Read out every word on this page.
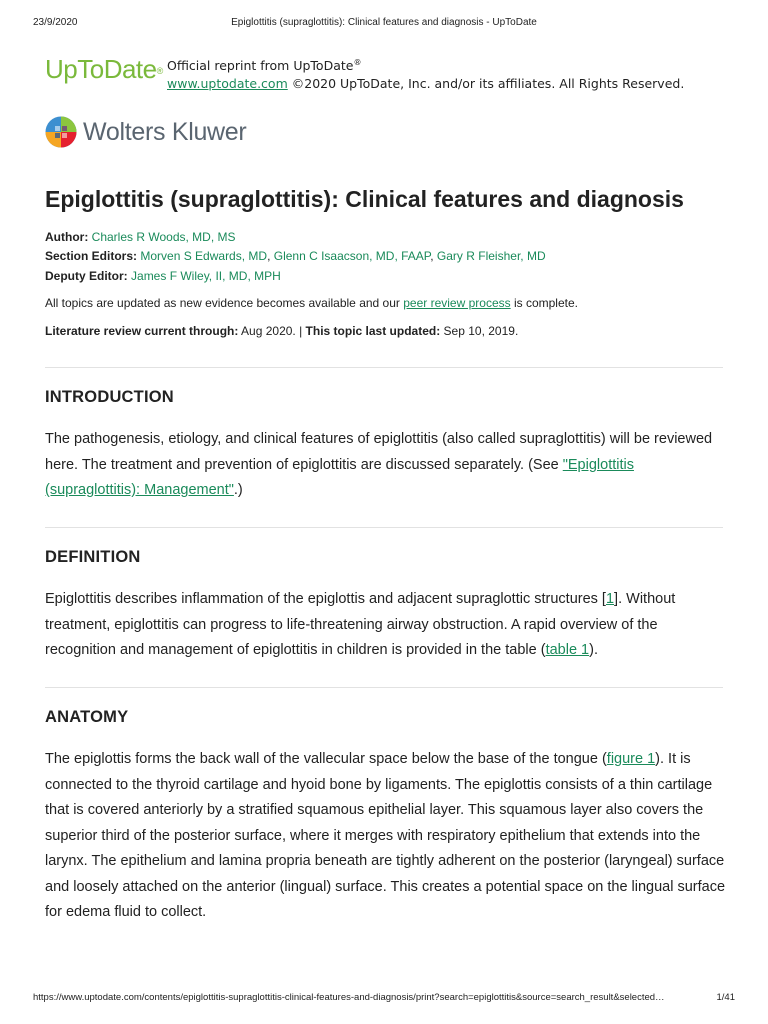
23/9/2020	Epiglottitis (supraglottitis): Clinical features and diagnosis - UpToDate
UpToDate® Official reprint from UpToDate®
www.uptodate.com ©2020 UpToDate, Inc. and/or its affiliates. All Rights Reserved.
Wolters Kluwer
Epiglottitis (supraglottitis): Clinical features and diagnosis
Author: Charles R Woods, MD, MS
Section Editors: Morven S Edwards, MD, Glenn C Isaacson, MD, FAAP, Gary R Fleisher, MD
Deputy Editor: James F Wiley, II, MD, MPH
All topics are updated as new evidence becomes available and our peer review process is complete.
Literature review current through: Aug 2020. | This topic last updated: Sep 10, 2019.
INTRODUCTION
The pathogenesis, etiology, and clinical features of epiglottitis (also called supraglottitis) will be reviewed here. The treatment and prevention of epiglottitis are discussed separately. (See "Epiglottitis (supraglottitis): Management".)
DEFINITION
Epiglottitis describes inflammation of the epiglottis and adjacent supraglottic structures [1]. Without treatment, epiglottitis can progress to life-threatening airway obstruction. A rapid overview of the recognition and management of epiglottitis in children is provided in the table (table 1).
ANATOMY
The epiglottis forms the back wall of the vallecular space below the base of the tongue (figure 1). It is connected to the thyroid cartilage and hyoid bone by ligaments. The epiglottis consists of a thin cartilage that is covered anteriorly by a stratified squamous epithelial layer. This squamous layer also covers the superior third of the posterior surface, where it merges with respiratory epithelium that extends into the larynx. The epithelium and lamina propria beneath are tightly adherent on the posterior (laryngeal) surface and loosely attached on the anterior (lingual) surface. This creates a potential space on the lingual surface for edema fluid to collect.
https://www.uptodate.com/contents/epiglottitis-supraglottitis-clinical-features-and-diagnosis/print?search=epiglottitis&source=search_result&selected…	1/41
